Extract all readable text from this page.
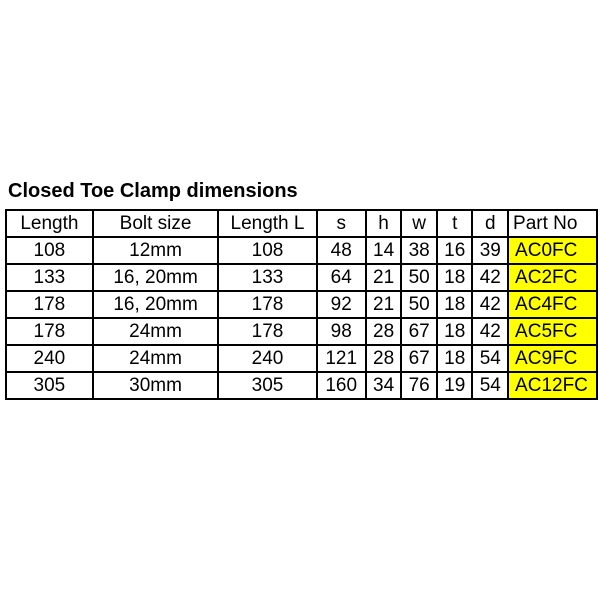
Closed Toe Clamp dimensions
Length	Bolt size	Length L	s	h	w	t	d	Part No
108	12mm	108	48	14	38	16	39	AC0FC
133	16, 20mm	133	64	21	50	18	42	AC2FC
178	16, 20mm	178	92	21	50	18	42	AC4FC
178	24mm	178	98	28	67	18	42	AC5FC
240	24mm	240	121	28	67	18	54	AC9FC
305	30mm	305	160	34	76	19	54	AC12FC
